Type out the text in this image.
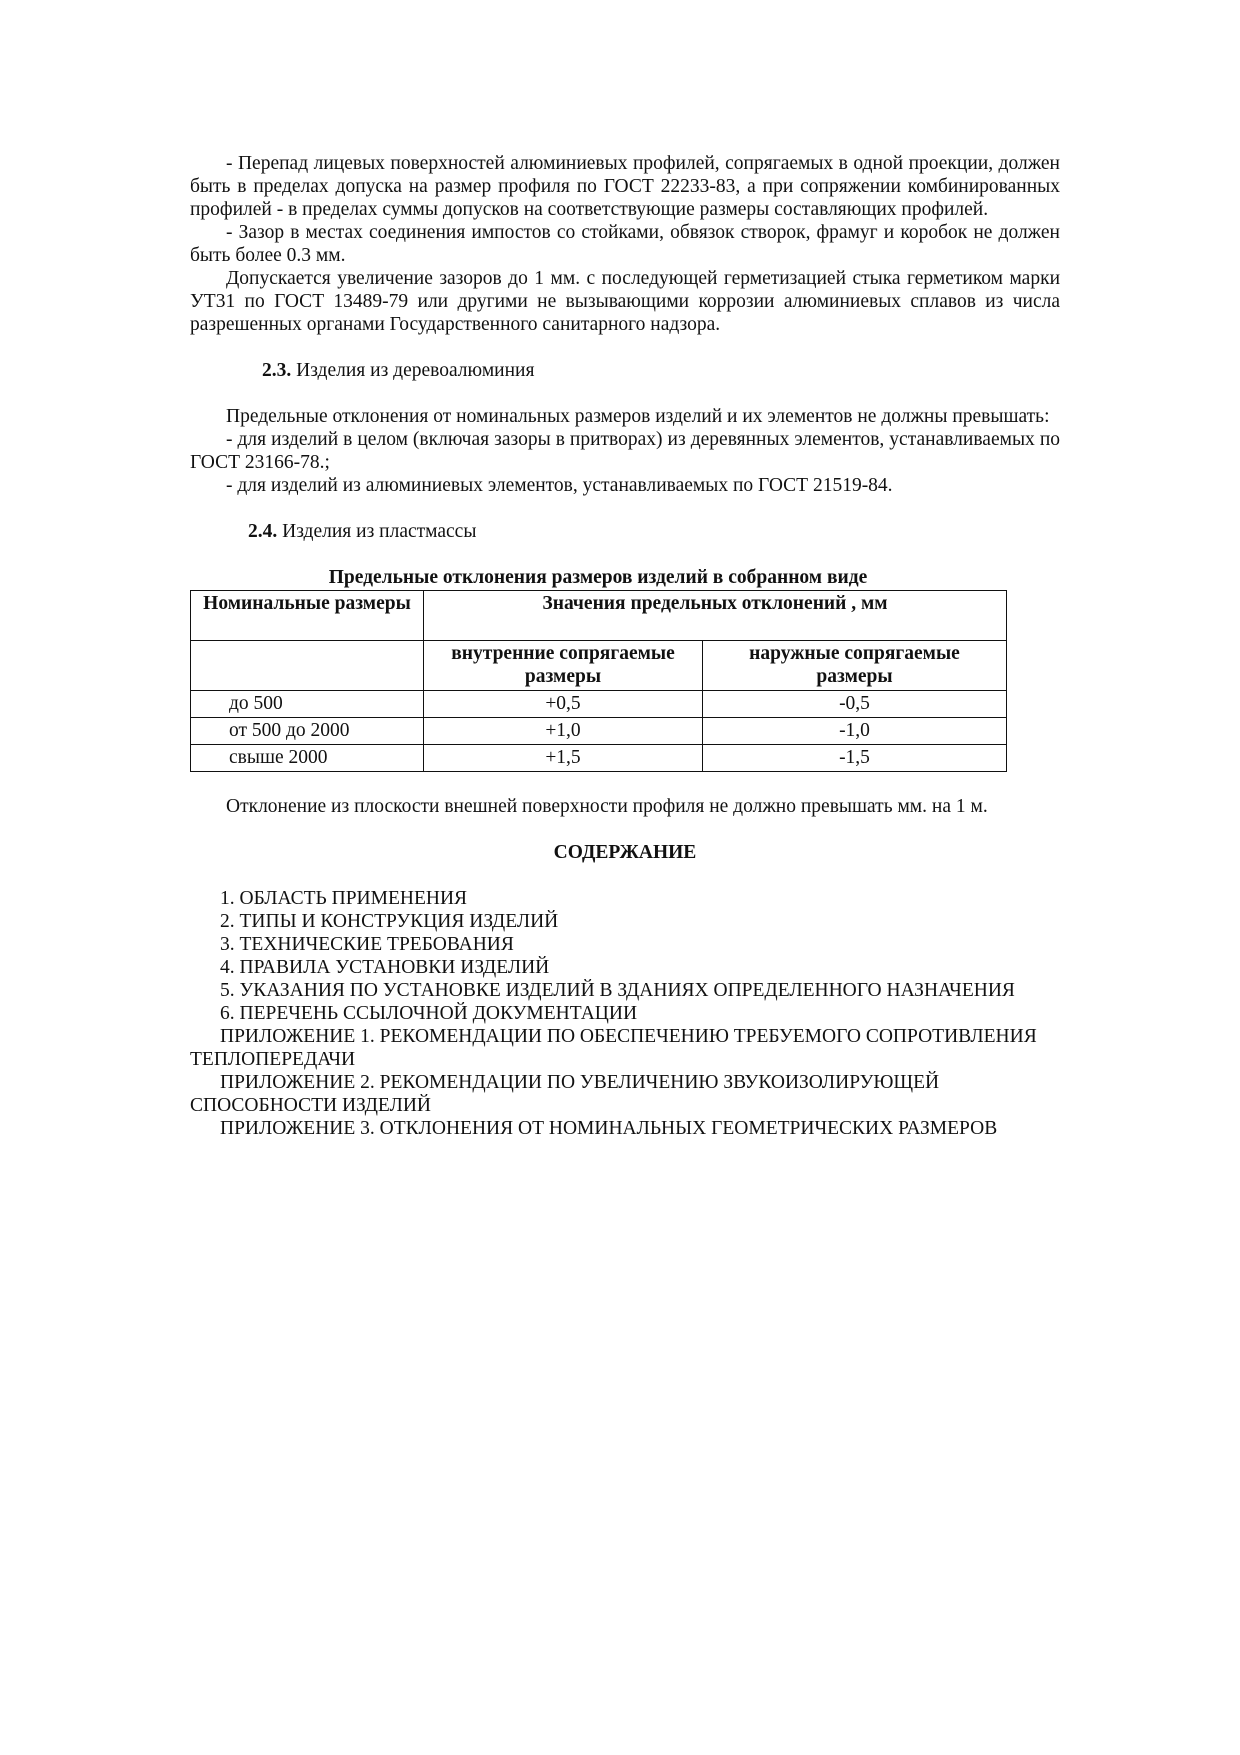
- Перепад лицевых поверхностей алюминиевых профилей, сопрягаемых в одной проекции, должен быть в пределах допуска на размер профиля по ГОСТ 22233-83, а при сопряжении комбинированных профилей - в пределах суммы допусков на соответствующие размеры составляющих профилей.

- Зазор в местах соединения импостов со стойками, обвязок створок, фрамуг и коробок не должен быть более 0.3 мм.

Допускается увеличение зазоров до 1 мм. с последующей герметизацией стыка герметиком марки УТ31 по ГОСТ 13489-79 или другими не вызывающими коррозии алюминиевых сплавов из числа разрешенных органами Государственного санитарного надзора.

2.3. Изделия из деревоалюминия

Предельные отклонения от номинальных размеров изделий и их элементов не должны превышать:

- для изделий в целом (включая зазоры в притворах) из деревянных элементов, устанавливаемых по ГОСТ 23166-78.;

- для изделий из алюминиевых элементов, устанавливаемых по ГОСТ 21519-84.

2.4. Изделия из пластмассы

Предельные отклонения размеров изделий в собранном виде

Номинальные размеры	Значения предельных отклонений , мм	
	внутренние сопрягаемые размеры	наружные сопрягаемые размеры
до 500	+0,5	-0,5
от 500 до 2000	+1,0	-1,0
свыше 2000	+1,5	-1,5

Отклонение из плоскости внешней поверхности профиля не должно превышать мм. на 1 м.

СОДЕРЖАНИЕ

1. ОБЛАСТЬ ПРИМЕНЕНИЯ

2. ТИПЫ И КОНСТРУКЦИЯ ИЗДЕЛИЙ

3. ТЕХНИЧЕСКИЕ ТРЕБОВАНИЯ

4. ПРАВИЛА УСТАНОВКИ ИЗДЕЛИЙ

5. УКАЗАНИЯ ПО УСТАНОВКЕ ИЗДЕЛИЙ В ЗДАНИЯХ ОПРЕДЕЛЕННОГО НАЗНАЧЕНИЯ

6. ПЕРЕЧЕНЬ ССЫЛОЧНОЙ ДОКУМЕНТАЦИИ

ПРИЛОЖЕНИЕ 1. РЕКОМЕНДАЦИИ ПО ОБЕСПЕЧЕНИЮ ТРЕБУЕМОГО СОПРОТИВЛЕНИЯ ТЕПЛОПЕРЕДАЧИ

ПРИЛОЖЕНИЕ 2. РЕКОМЕНДАЦИИ ПО УВЕЛИЧЕНИЮ ЗВУКОИЗОЛИРУЮЩЕЙ СПОСОБНОСТИ ИЗДЕЛИЙ

ПРИЛОЖЕНИЕ 3. ОТКЛОНЕНИЯ ОТ НОМИНАЛЬНЫХ ГЕОМЕТРИЧЕСКИХ РАЗМЕРОВ
